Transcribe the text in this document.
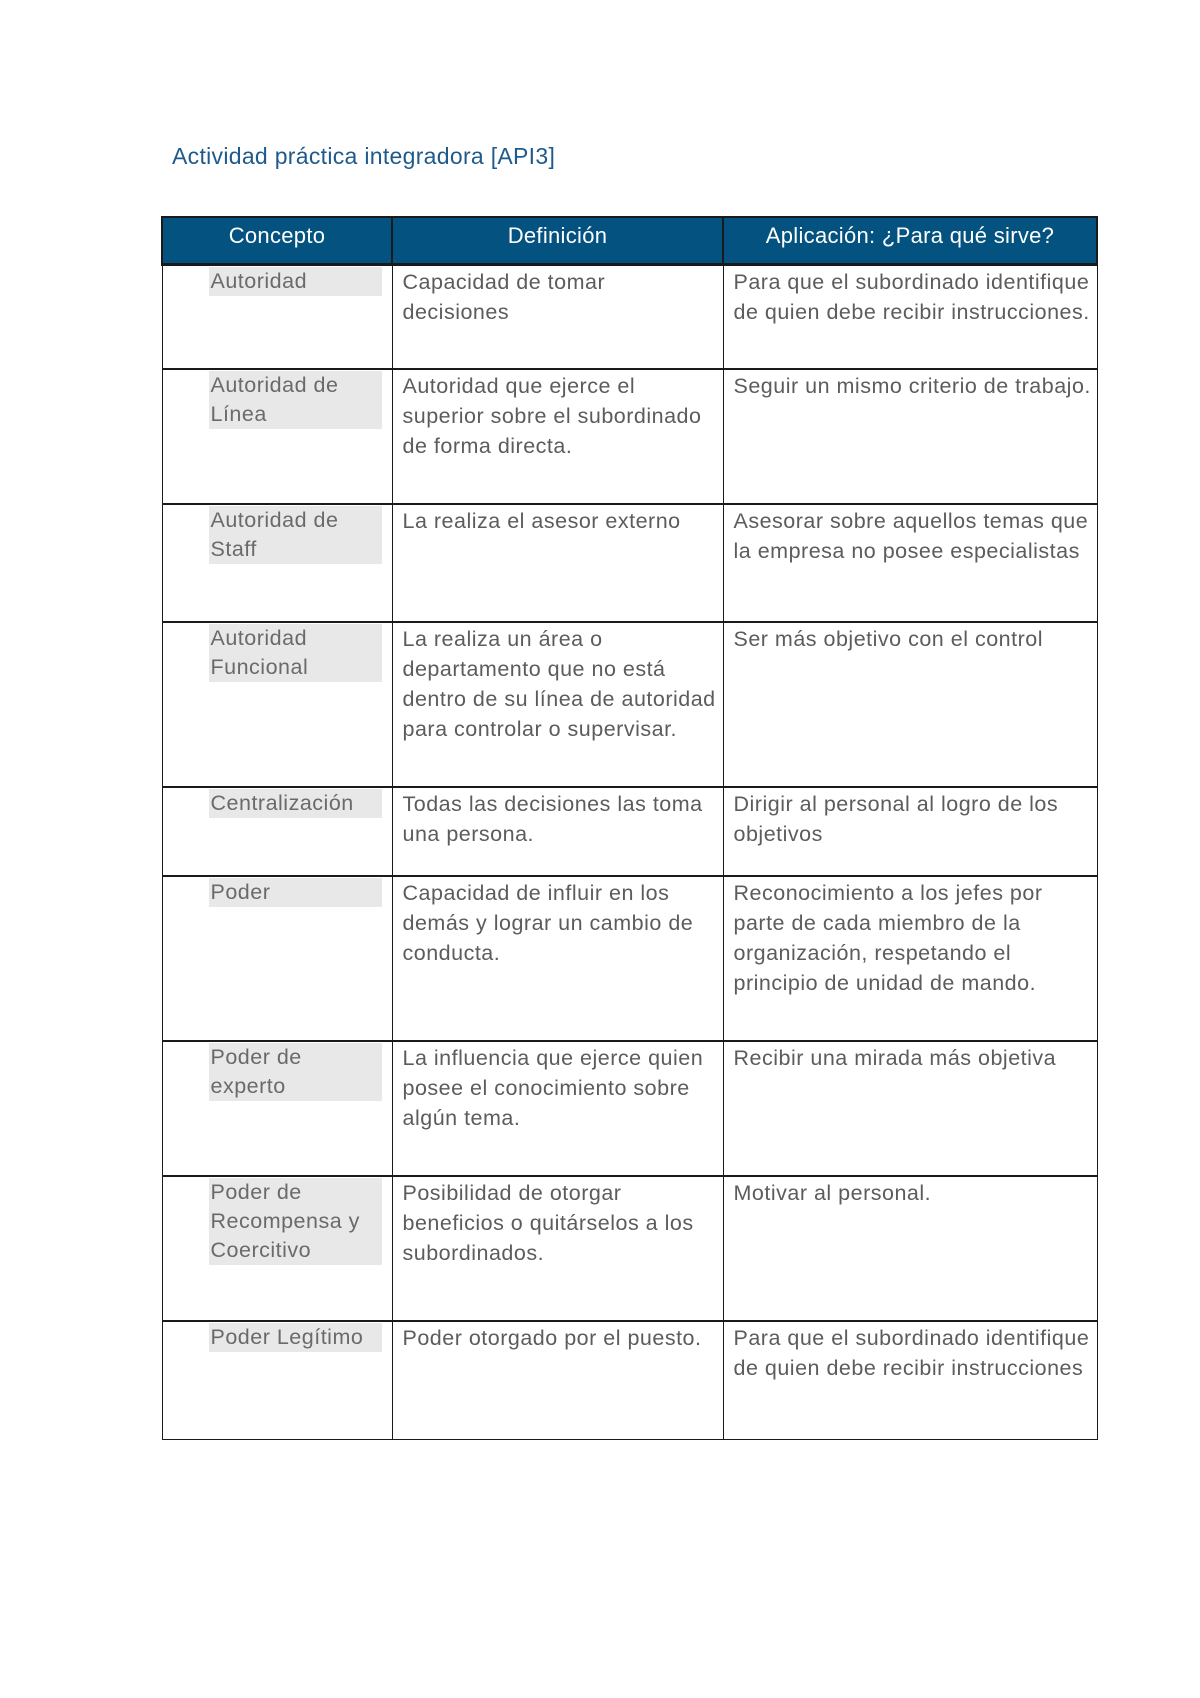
Actividad práctica integradora [API3]
Concepto	Definición	Aplicación: ¿Para qué sirve?

Autoridad	Capacidad de tomar decisiones	Para que el subordinado identifique de quien debe recibir instrucciones.

Autoridad de Línea	Autoridad que ejerce el superior sobre el subordinado de forma directa.	Seguir un mismo criterio de trabajo.

Autoridad de Staff	La realiza el asesor externo	Asesorar sobre aquellos temas que la empresa no posee especialistas

Autoridad Funcional	La realiza un área o departamento que no está dentro de su línea de autoridad para controlar o supervisar.	Ser más objetivo con el control

Centralización	Todas las decisiones las toma una persona.	Dirigir al personal al logro de los objetivos

Poder	Capacidad de influir en los demás y lograr un cambio de conducta.	Reconocimiento a los jefes por parte de cada miembro de la organización, respetando el principio de unidad de mando.

Poder de experto	La influencia que ejerce quien posee el conocimiento sobre algún tema.	Recibir una mirada más objetiva

Poder de Recompensa y Coercitivo	Posibilidad de otorgar beneficios o quitárselos a los subordinados.	Motivar al personal.

Poder Legítimo	Poder otorgado por el puesto.	Para que el subordinado identifique de quien debe recibir instrucciones
